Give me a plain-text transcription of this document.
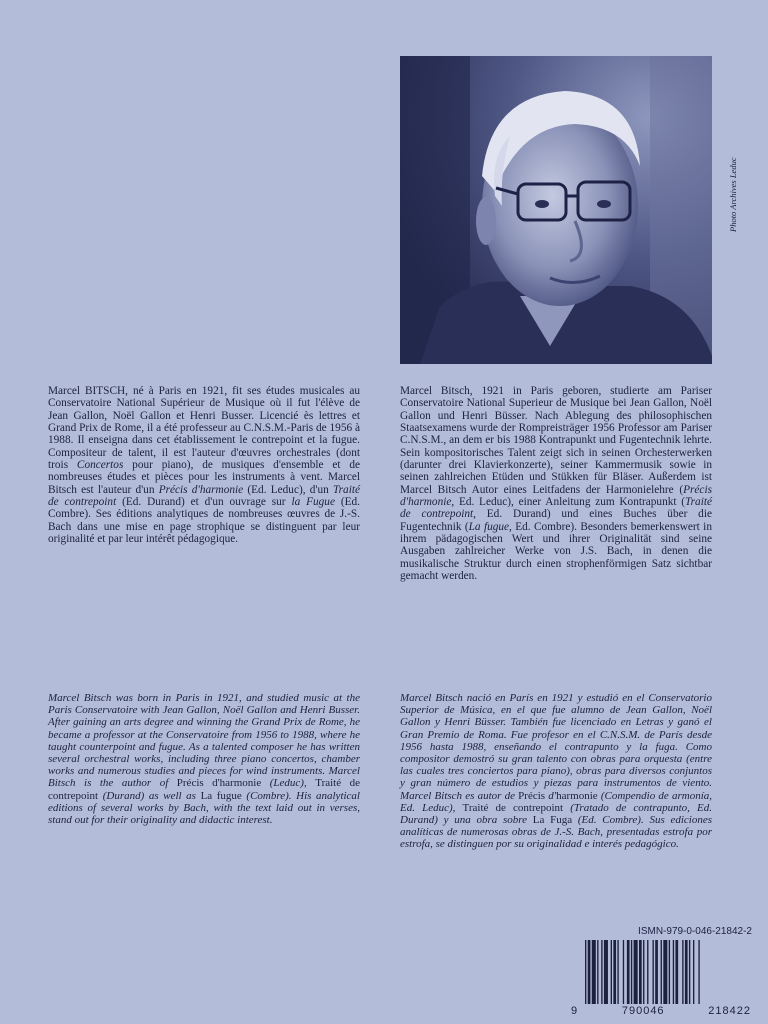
Photo Archives Leduc

Marcel BITSCH, né à Paris en 1921, fit ses études musicales au Conservatoire National Supérieur de Musique où il fut l'élève de Jean Gallon, Noël Gallon et Henri Busser. Licencié ès lettres et Grand Prix de Rome, il a été professeur au C.N.S.M.-Paris de 1956 à 1988. Il enseigna dans cet établissement le contrepoint et la fugue. Compositeur de talent, il est l'auteur d'œuvres orchestrales (dont trois Concertos pour piano), de musiques d'ensemble et de nombreuses études et pièces pour les instruments à vent. Marcel Bitsch est l'auteur d'un Précis d'harmonie (Ed. Leduc), d'un Traité de contrepoint (Ed. Durand) et d'un ouvrage sur la Fugue (Ed. Combre). Ses éditions analytiques de nombreuses œuvres de J.-S. Bach dans une mise en page strophique se distinguent par leur originalité et par leur intérêt pédagogique.

Marcel Bitsch, 1921 in Paris geboren, studierte am Pariser Conservatoire National Superieur de Musique bei Jean Gallon, Noël Gallon und Henri Büsser. Nach Ablegung des philosophischen Staatsexamens wurde der Rompreisträger 1956 Professor am Pariser C.N.S.M., an dem er bis 1988 Kontrapunkt und Fugentechnik lehrte. Sein kompositorisches Talent zeigt sich in seinen Orchesterwerken (darunter drei Klavierkonzerte), seiner Kammermusik sowie in seinen zahlreichen Etüden und Stükken für Bläser. Außerdem ist Marcel Bitsch Autor eines Leitfadens der Harmonielehre (Précis d'harmonie, Ed. Leduc), einer Anleitung zum Kontrapunkt (Traité de contrepoint, Ed. Durand) und eines Buches über die Fugentechnik (La fugue, Ed. Combre). Besonders bemerkenswert in ihrem pädagogischen Wert und ihrer Originalität sind seine Ausgaben zahlreicher Werke von J.S. Bach, in denen die musikalische Struktur durch einen strophenförmigen Satz sichtbar gemacht werden.

Marcel Bitsch was born in Paris in 1921, and studied music at the Paris Conservatoire with Jean Gallon, Noël Gallon and Henri Busser. After gaining an arts degree and winning the Grand Prix de Rome, he became a professor at the Conservatoire from 1956 to 1988, where he taught counterpoint and fugue. As a talented composer he has written several orchestral works, including three piano concertos, chamber works and numerous studies and pieces for wind instruments. Marcel Bitsch is the author of Précis d'harmonie (Leduc), Traité de contrepoint (Durand) as well as La fugue (Combre). His analytical editions of several works by Bach, with the text laid out in verses, stand out for their originality and didactic interest.

Marcel Bitsch nació en París en 1921 y estudió en el Conservatorio Superior de Música, en el que fue alumno de Jean Gallon, Noël Gallon y Henri Büsser. También fue licenciado en Letras y ganó el Gran Premio de Roma. Fue profesor en el C.N.S.M. de París desde 1956 hasta 1988, enseñando el contrapunto y la fuga. Como compositor demostró su gran talento con obras para orquesta (entre las cuales tres conciertos para piano), obras para diversos conjuntos y gran número de estudios y piezas para instrumentos de viento. Marcel Bitsch es autor de Précis d'harmonie (Compendio de armonía, Ed. Leduc), Traité de contrepoint (Tratado de contrapunto, Ed. Durand) y una obra sobre La Fuga (Ed. Combre). Sus ediciones analíticas de numerosas obras de J.-S. Bach, presentadas estrofa por estrofa, se distinguen por su originalidad e interés pedagógico.

ISMN-979-0-046-21842-2
9	790046	218422
